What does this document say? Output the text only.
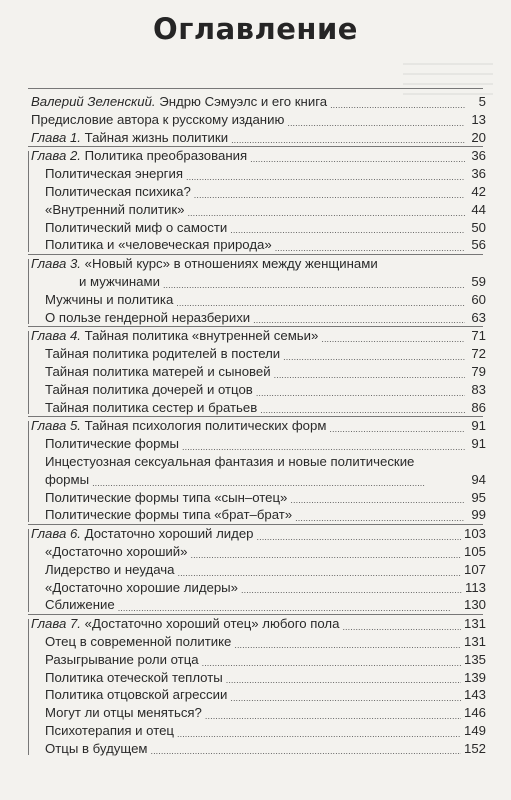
Оглавление
Валерий Зеленский. Эндрю Сэмуэлс и его книга . . .	5
Предисловие автора к русскому изданию . . .	13
Глава 1. Тайная жизнь политики . . .	20
Глава 2. Политика преобразования . . .	36
Политическая энергия . . .	36
Политическая психика? . . .	42
«Внутренний политик» . . .	44
Политический миф о самости . . .	50
Политика и «человеческая природа» . . .	56
Глава 3. «Новый курс» в отношениях между женщинами
и мужчинами . . .	59
Мужчины и политика . . .	60
О пользе гендерной неразберихи . . .	63
Глава 4. Тайная политика «внутренней семьи» . . .	71
Тайная политика родителей в постели . . .	72
Тайная политика матерей и сыновей . . .	79
Тайная политика дочерей и отцов . . .	83
Тайная политика сестер и братьев . . .	86
Глава 5. Тайная психология политических форм . . .	91
Политические формы . . .	91
Инцестуозная сексуальная фантазия и новые политические
формы . . .	94
Политические формы типа «сын–отец» . . .	95
Политические формы типа «брат–брат» . . .	99
Глава 6. Достаточно хороший лидер . . .	103
«Достаточно хороший» . . .	105
Лидерство и неудача . . .	107
«Достаточно хорошие лидеры» . . .	113
Сближение . . .	130
Глава 7. «Достаточно хороший отец» любого пола . . .	131
Отец в современной политике . . .	131
Разыгрывание роли отца . . .	135
Политика отеческой теплоты . . .	139
Политика отцовской агрессии . . .	143
Могут ли отцы меняться? . . .	146
Психотерапия и отец . . .	149
Отцы в будущем . . .	152
